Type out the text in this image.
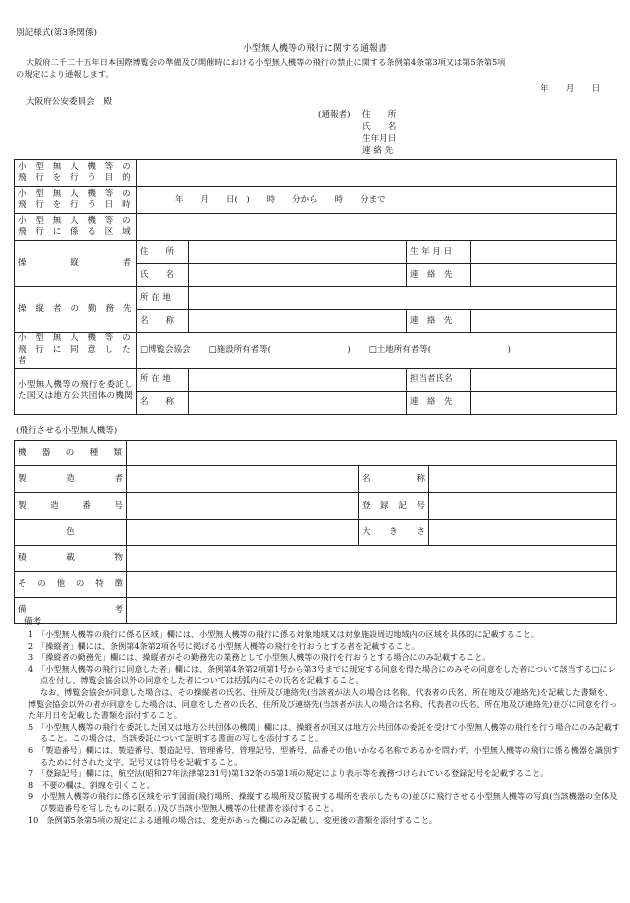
別記様式(第3条関係)
小型無人機等の飛行に関する通報書
大阪府二千二十五年日本国際博覧会の準備及び開催時における小型無人機等の飛行の禁止に関する条例第4条第3項又は第5条第5項
の規定により通報します。
年　　月　　日
大阪府公安委員会　殿
(通報者) 住　　所
氏　　名
生年月日
連 絡 先
小 型 無 人 機 等 の 飛 行 を 行 う 目 的				
小 型 無 人 機 等 の 飛 行 を 行 う 日 時	年　　月　　日(　)　　時　　分から　　時　　分まで			
小 型 無 人 機 等 の 飛 行 に 係 る 区 域				
操　　　縦　　　者	住　　所		生 年 月 日	
	氏　　名		連　絡　先	
操 縦 者 の 勤 務 先	所 在 地			
	名　　称		連　絡　先	
小 型 無 人 機 等 の 飛 行 に 同 意 し た 者	□博覧会協会 □施設所有者等(　　　　　　　　　) □土地所有者等(　　　　　　　　　)			
小型無人機等の飛行を委託した国又は地方公共団体の機関	所 在 地		担当者氏名	
	名　　称		連　絡　先	
(飛行させる小型無人機等)
機 器 の 種 類			
製　　造　　者		名　　　称	
製　造　番　号		登 録 記 号	
色		大　き　さ	
積　　載　　物			
そ の 他 の 特 徴			
備　　　　考			
備考

1　「小型無人機等の飛行に係る区域」欄には、小型無人機等の飛行に係る対象地域又は対象施設周辺地域内の区域を具体的に記載すること。

2　「操縦者」欄には、条例第4条第2項各号に掲げる小型無人機等の飛行を行おうとする者を記載すること。

3　「操縦者の勤務先」欄には、操縦者がその勤務先の業務として小型無人機等の飛行を行おうとする場合にのみ記載すること。

4　「小型無人機等の飛行に同意した者」欄には、条例第4条第2項第1号から第3号までに規定する同意を得た場合にのみその同意をした者について該当する□にレ点を付し、博覧会協会以外の同意をした者については括弧内にその氏名を記載すること。

なお、博覧会協会が同意した場合は、その操縦者の氏名、住所及び連絡先(当該者が法人の場合は名称、代表者の氏名、所在地及び連絡先)を記載した書類を、博覧会協会以外の者が同意をした場合は、同意をした者の氏名、住所及び連絡先(当該者が法人の場合は名称、代表者の氏名、所在地及び連絡先)並びに同意を行った年月日を記載した書類を添付すること。

5　「小型無人機等の飛行を委託した国又は地方公共団体の機関」欄には、操縦者が国又は地方公共団体の委託を受けて小型無人機等の飛行を行う場合にのみ記載すること。この場合は、当該委託について証明する書面の写しを添付すること。

6　「製造番号」欄には、製造番号、製造記号、管理番号、管理記号、型番号、品番その他いかなる名称であるかを問わず、小型無人機等の飛行に係る機器を識別するために付された文字、記号又は符号を記載すること。

7　「登録記号」欄には、航空法(昭和27年法律第231号)第132条の5第1項の規定により表示等を義務づけられている登録記号を記載すること。

8　不要の欄は、斜線を引くこと。

9　小型無人機等の飛行に係る区域を示す図面(飛行場所、操縦する場所及び監視する場所を表示したもの)並びに飛行させる小型無人機等の写真(当該機器の全体及び製造番号を写したものに限る。)及び当該小型無人機等の仕様書を添付すること。

10　条例第5条第5項の規定による通報の場合は、変更があった欄にのみ記載し、変更後の書類を添付すること。
